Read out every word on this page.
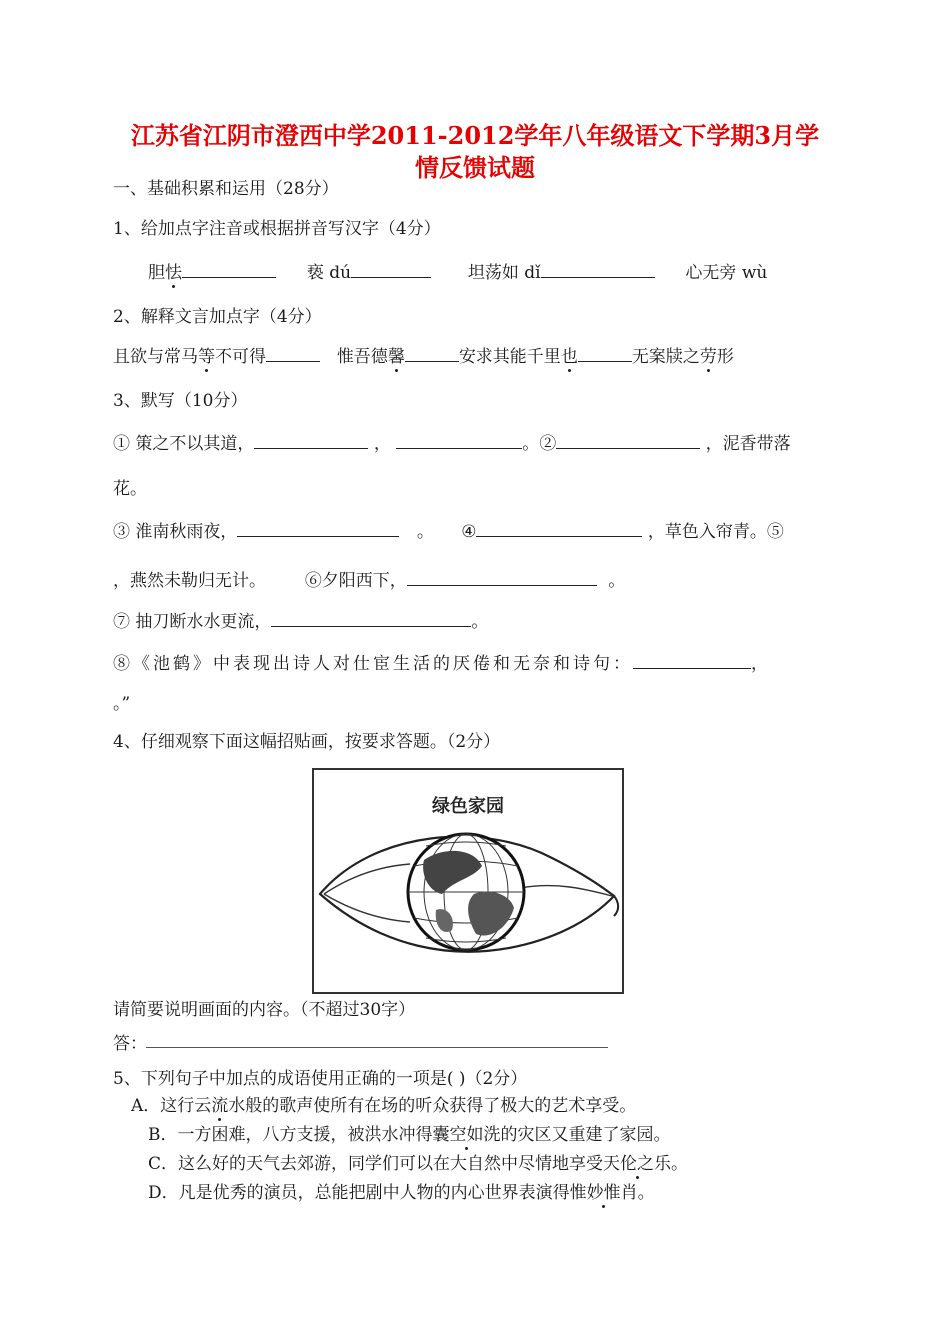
江苏省江阴市澄西中学2011-2012学年八年级语文下学期3月学
情反馈试题
一、基础积累和运用（28分）
1、给加点字注音或根据拼音写汉字（4分）
胆怯	亵 dú	坦荡如 dǐ	心无旁 wù
2、解释文言加点字（4分）
且欲与常马等不可得	惟吾德馨	安求其能千里也	无案牍之劳形
3、默写（10分）
① 策之不以其道，	，	。②	，泥香带落
花。
③ 淮南秋雨夜，	。 ④	，草色入帘青。⑤
，燕然未勒归无计。 ⑥夕阳西下，	。
⑦ 抽刀断水水更流，	。
⑧《池鹤》中表现出诗人对仕宦生活的厌倦和无奈和诗句：	，
。”
4、仔细观察下面这幅招贴画，按要求答题。（2分）
绿色家园
请简要说明画面的内容。（不超过30字）
答：
5、下列句子中加点的成语使用正确的一项是( )（2分）
A．这行云流水般的歌声使所有在场的听众获得了极大的艺术享受。
B．一方困难，八方支援，被洪水冲得囊空如洗的灾区又重建了家园。
C．这么好的天气去郊游，同学们可以在大自然中尽情地享受天伦之乐。
D．凡是优秀的演员，总能把剧中人物的内心世界表演得惟妙惟肖。
